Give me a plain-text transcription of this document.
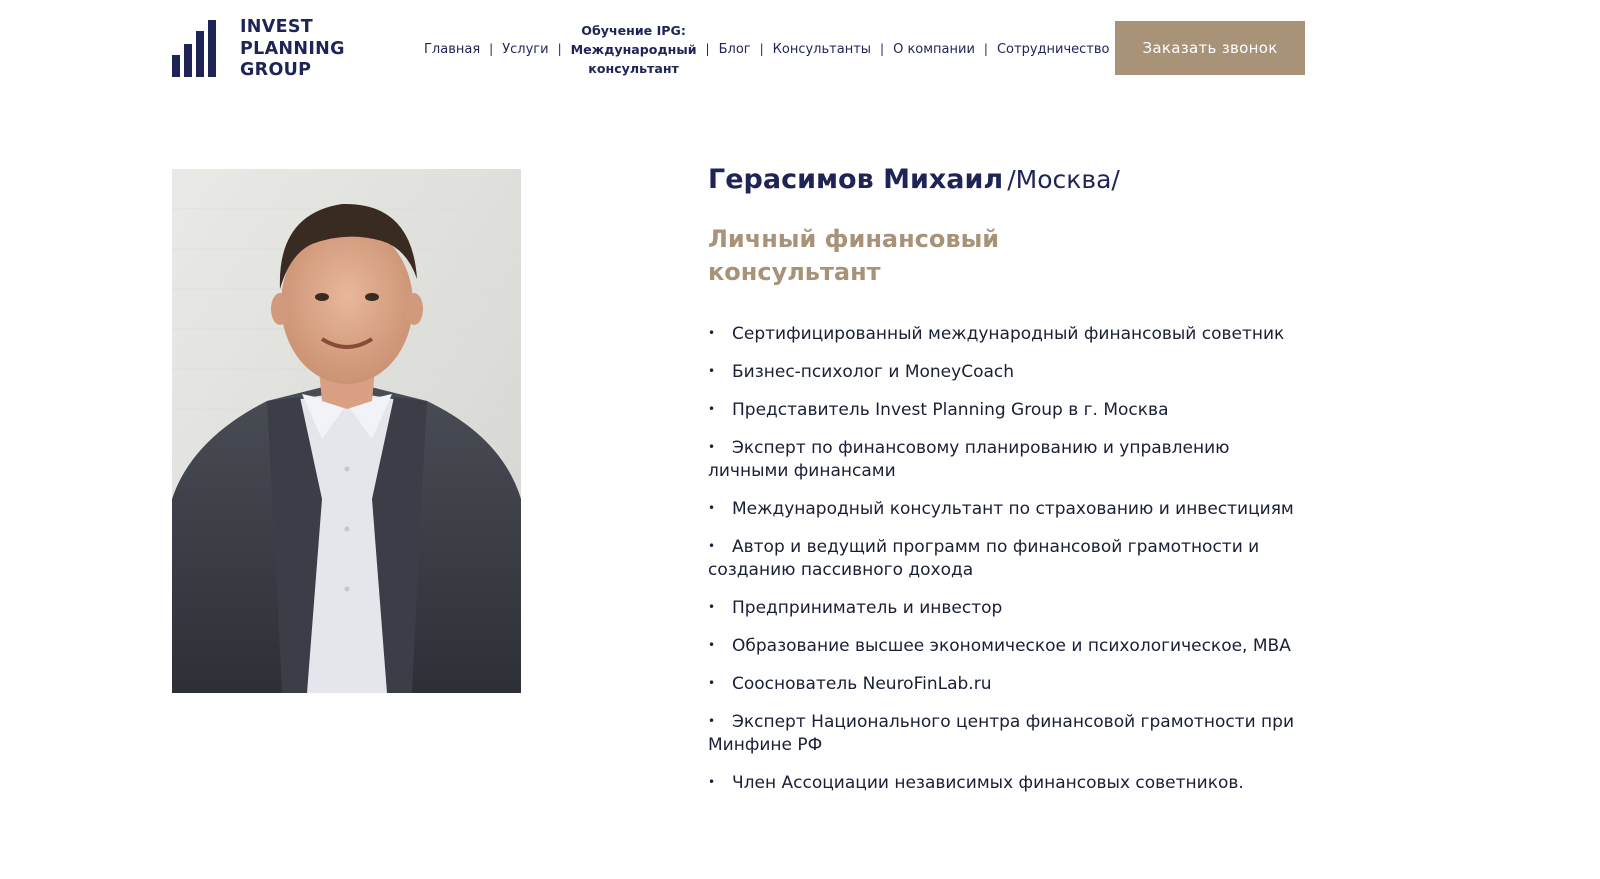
INVEST
PLANNING
GROUP
Главная | Услуги |
Обучение IPG:
Международный
консультант
| Блог | Консультанты | О компании | Сотрудничество	Заказать звонок
Герасимов Михаил /Москва/
Личный финансовый
консультант
• Сертифицированный международный финансовый советник
• Бизнес-психолог и MoneyCoach
• Представитель Invest Planning Group в г. Москва
• Эксперт по финансовому планированию и управлению личными финансами
• Международный консультант по страхованию и инвестициям
• Автор и ведущий программ по финансовой грамотности и созданию пассивного дохода
• Предприниматель и инвестор
• Образование высшее экономическое и психологическое, MBA
• Сооснователь NeuroFinLab.ru
• Эксперт Национального центра финансовой грамотности при Минфине РФ
• Член Ассоциации независимых финансовых советников.
